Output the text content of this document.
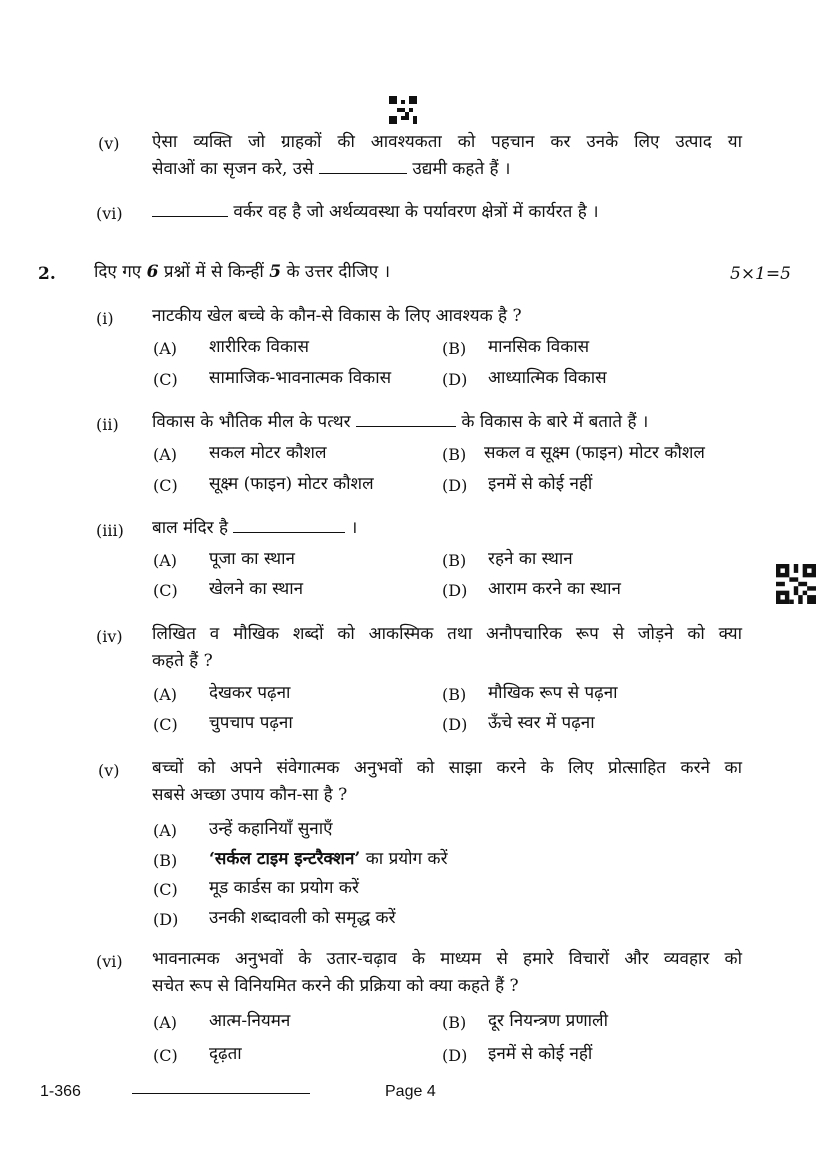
(v) ऐसा व्यक्ति जो ग्राहकों की आवश्यकता को पहचान कर उनके लिए उत्पाद या
सेवाओं का सृजन करे, उसे	उद्यमी कहते हैं ।
(vi)	वर्कर वह है जो अर्थव्यवस्था के पर्यावरण क्षेत्रों में कार्यरत है ।
2. दिए गए 6 प्रश्नों में से किन्हीं 5 के उत्तर दीजिए ।	5×1=5
(i) नाटकीय खेल बच्चे के कौन-से विकास के लिए आवश्यक है ?
(A) शारीरिक विकास	(B) मानसिक विकास
(C) सामाजिक-भावनात्मक विकास	(D) आध्यात्मिक विकास
(ii) विकास के भौतिक मील के पत्थर	के विकास के बारे में बताते हैं ।
(A) सकल मोटर कौशल	(B) सकल व सूक्ष्म (फाइन) मोटर कौशल
(C) सूक्ष्म (फाइन) मोटर कौशल	(D) इनमें से कोई नहीं
(iii) बाल मंदिर है	।
(A) पूजा का स्थान	(B) रहने का स्थान
(C) खेलने का स्थान	(D) आराम करने का स्थान
(iv) लिखित व मौखिक शब्दों को आकस्मिक तथा अनौपचारिक रूप से जोड़ने को क्या
कहते हैं ?
(A) देखकर पढ़ना	(B) मौखिक रूप से पढ़ना
(C) चुपचाप पढ़ना	(D) ऊँचे स्वर में पढ़ना
(v) बच्चों को अपने संवेगात्मक अनुभवों को साझा करने के लिए प्रोत्साहित करने का
सबसे अच्छा उपाय कौन-सा है ?
(A) उन्हें कहानियाँ सुनाएँ
(B) ‘सर्कल टाइम इन्टरैक्शन’ का प्रयोग करें
(C) मूड कार्डस का प्रयोग करें
(D) उनकी शब्दावली को समृद्ध करें
(vi) भावनात्मक अनुभवों के उतार-चढ़ाव के माध्यम से हमारे विचारों और व्यवहार को
सचेत रूप से विनियमित करने की प्रक्रिया को क्या कहते हैं ?
(A) आत्म-नियमन	(B) दूर नियन्त्रण प्रणाली
(C) दृढ़ता	(D) इनमें से कोई नहीं
1-366	Page 4
